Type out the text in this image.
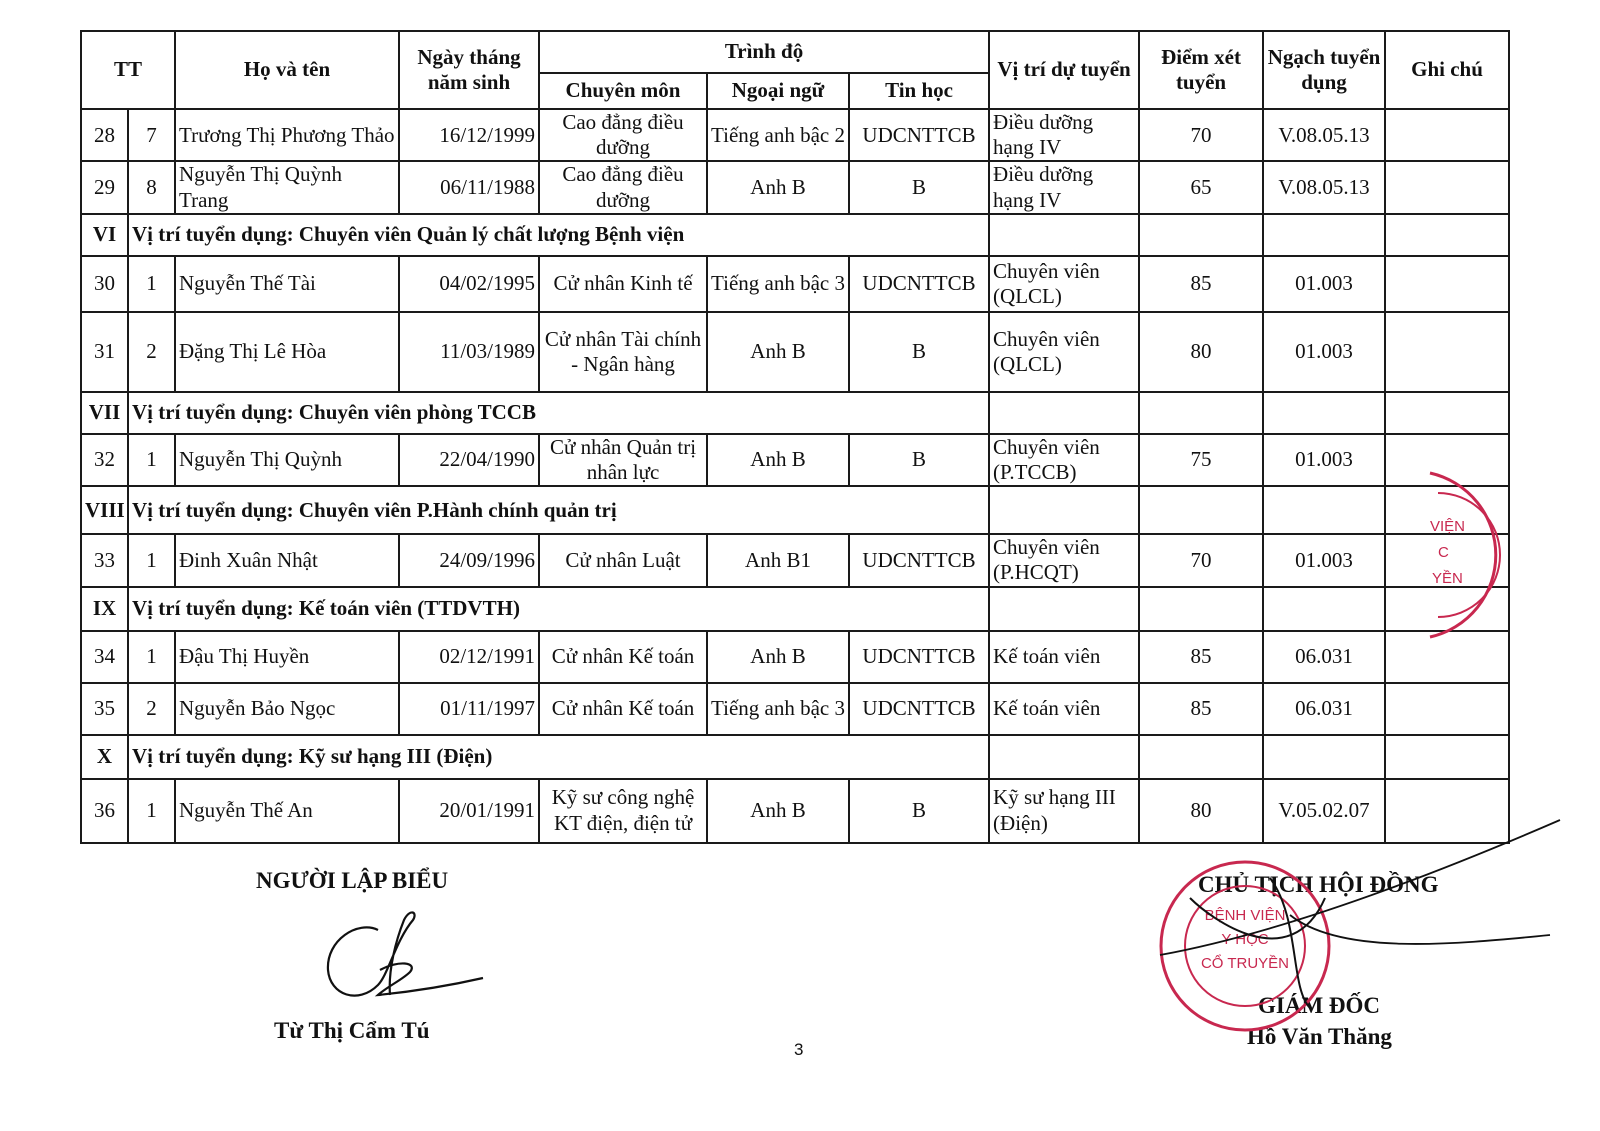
TT		Họ và tên	Ngày tháng năm sinh	Trình độ			Vị trí dự tuyển	Điểm xét tuyển	Ngạch tuyển dụng	Ghi chú
				Chuyên môn	Ngoại ngữ	Tin học				
28	7	Trương Thị Phương Thảo	16/12/1999	Cao đẳng điều dưỡng	Tiếng anh bậc 2	UDCNTTCB	Điều dưỡng hạng IV	70	V.08.05.13	
29	8	Nguyễn Thị Quỳnh Trang	06/11/1988	Cao đẳng điều dưỡng	Anh B	B	Điều dưỡng hạng IV	65	V.08.05.13	
VI	Vị trí tuyển dụng: Chuyên viên Quản lý chất lượng Bệnh viện									
30	1	Nguyễn Thế Tài	04/02/1995	Cử nhân Kinh tế	Tiếng anh bậc 3	UDCNTTCB	Chuyên viên (QLCL)	85	01.003	
31	2	Đặng Thị Lê Hòa	11/03/1989	Cử nhân Tài chính - Ngân hàng	Anh B	B	Chuyên viên (QLCL)	80	01.003	
VII	Vị trí tuyển dụng: Chuyên viên phòng TCCB									
32	1	Nguyễn Thị Quỳnh	22/04/1990	Cử nhân Quản trị nhân lực	Anh B	B	Chuyên viên (P.TCCB)	75	01.003	
VIII	Vị trí tuyển dụng: Chuyên viên P.Hành chính quản trị									
33	1	Đinh Xuân Nhật	24/09/1996	Cử nhân Luật	Anh B1	UDCNTTCB	Chuyên viên (P.HCQT)	70	01.003	
IX	Vị trí tuyển dụng: Kế toán viên (TTDVTH)									
34	1	Đậu Thị Huyền	02/12/1991	Cử nhân Kế toán	Anh B	UDCNTTCB	Kế toán viên	85	06.031	
35	2	Nguyễn Bảo Ngọc	01/11/1997	Cử nhân Kế toán	Tiếng anh bậc 3	UDCNTTCB	Kế toán viên	85	06.031	
X	Vị trí tuyển dụng: Kỹ sư hạng III (Điện)									
36	1	Nguyễn Thế An	20/01/1991	Kỹ sư công nghệ KT điện, điện tử	Anh B	B	Kỹ sư hạng III (Điện)	80	V.05.02.07	
NGƯỜI LẬP BIỂU
Từ Thị Cẩm Tú
CHỦ TỊCH HỘI ĐỒNG
GIÁM ĐỐC
Hồ Văn Thăng
BỆNH VIỆN
Y HỌC
CỔ TRUYỀN
VIỆN
C
YỀN
3
